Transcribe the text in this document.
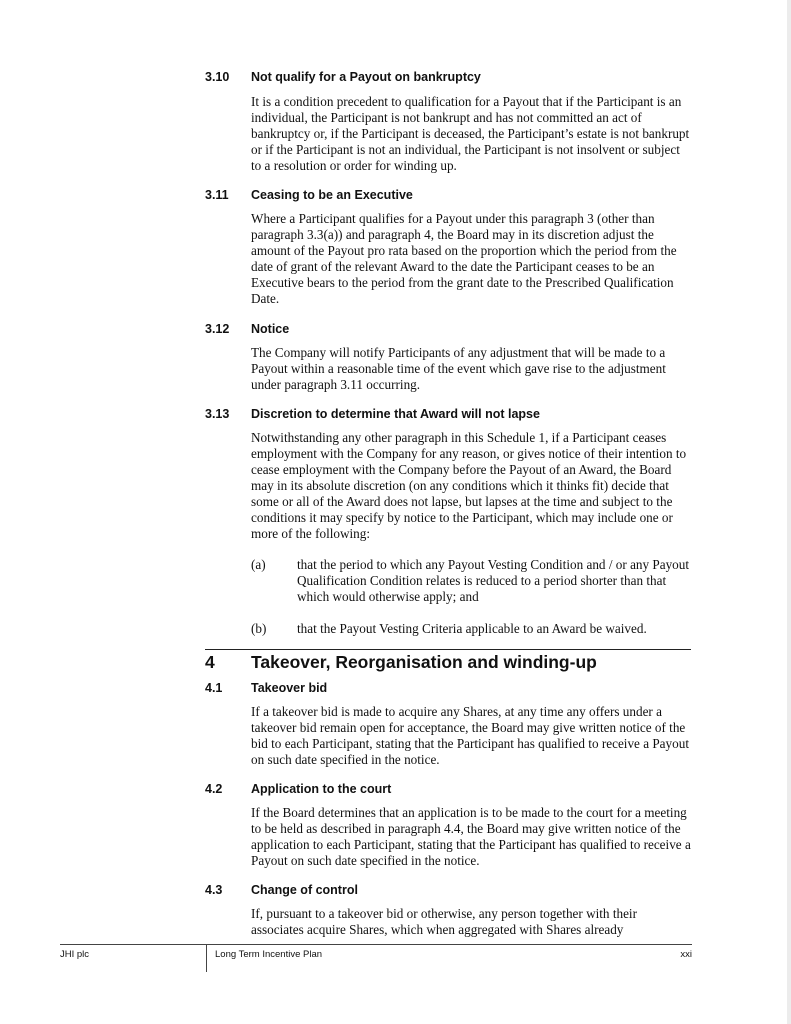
3.10 Not qualify for a Payout on bankruptcy
It is a condition precedent to qualification for a Payout that if the Participant is an individual, the Participant is not bankrupt and has not committed an act of bankruptcy or, if the Participant is deceased, the Participant’s estate is not bankrupt or if the Participant is not an individual, the Participant is not insolvent or subject to a resolution or order for winding up.
3.11 Ceasing to be an Executive
Where a Participant qualifies for a Payout under this paragraph 3 (other than paragraph 3.3(a)) and paragraph 4, the Board may in its discretion adjust the amount of the Payout pro rata based on the proportion which the period from the date of grant of the relevant Award to the date the Participant ceases to be an Executive bears to the period from the grant date to the Prescribed Qualification Date.
3.12 Notice
The Company will notify Participants of any adjustment that will be made to a Payout within a reasonable time of the event which gave rise to the adjustment under paragraph 3.11 occurring.
3.13 Discretion to determine that Award will not lapse
Notwithstanding any other paragraph in this Schedule 1, if a Participant ceases employment with the Company for any reason, or gives notice of their intention to cease employment with the Company before the Payout of an Award, the Board may in its absolute discretion (on any conditions which it thinks fit) decide that some or all of the Award does not lapse, but lapses at the time and subject to the conditions it may specify by notice to the Participant, which may include one or more of the following:
(a) that the period to which any Payout Vesting Condition and / or any Payout Qualification Condition relates is reduced to a period shorter than that which would otherwise apply; and
(b) that the Payout Vesting Criteria applicable to an Award be waived.
4 Takeover, Reorganisation and winding-up
4.1 Takeover bid
If a takeover bid is made to acquire any Shares, at any time any offers under a takeover bid remain open for acceptance, the Board may give written notice of the bid to each Participant, stating that the Participant has qualified to receive a Payout on such date specified in the notice.
4.2 Application to the court
If the Board determines that an application is to be made to the court for a meeting to be held as described in paragraph 4.4, the Board may give written notice of the application to each Participant, stating that the Participant has qualified to receive a Payout on such date specified in the notice.
4.3 Change of control
If, pursuant to a takeover bid or otherwise, any person together with their associates acquire Shares, which when aggregated with Shares already
JHI plc	Long Term Incentive Plan	xxi
